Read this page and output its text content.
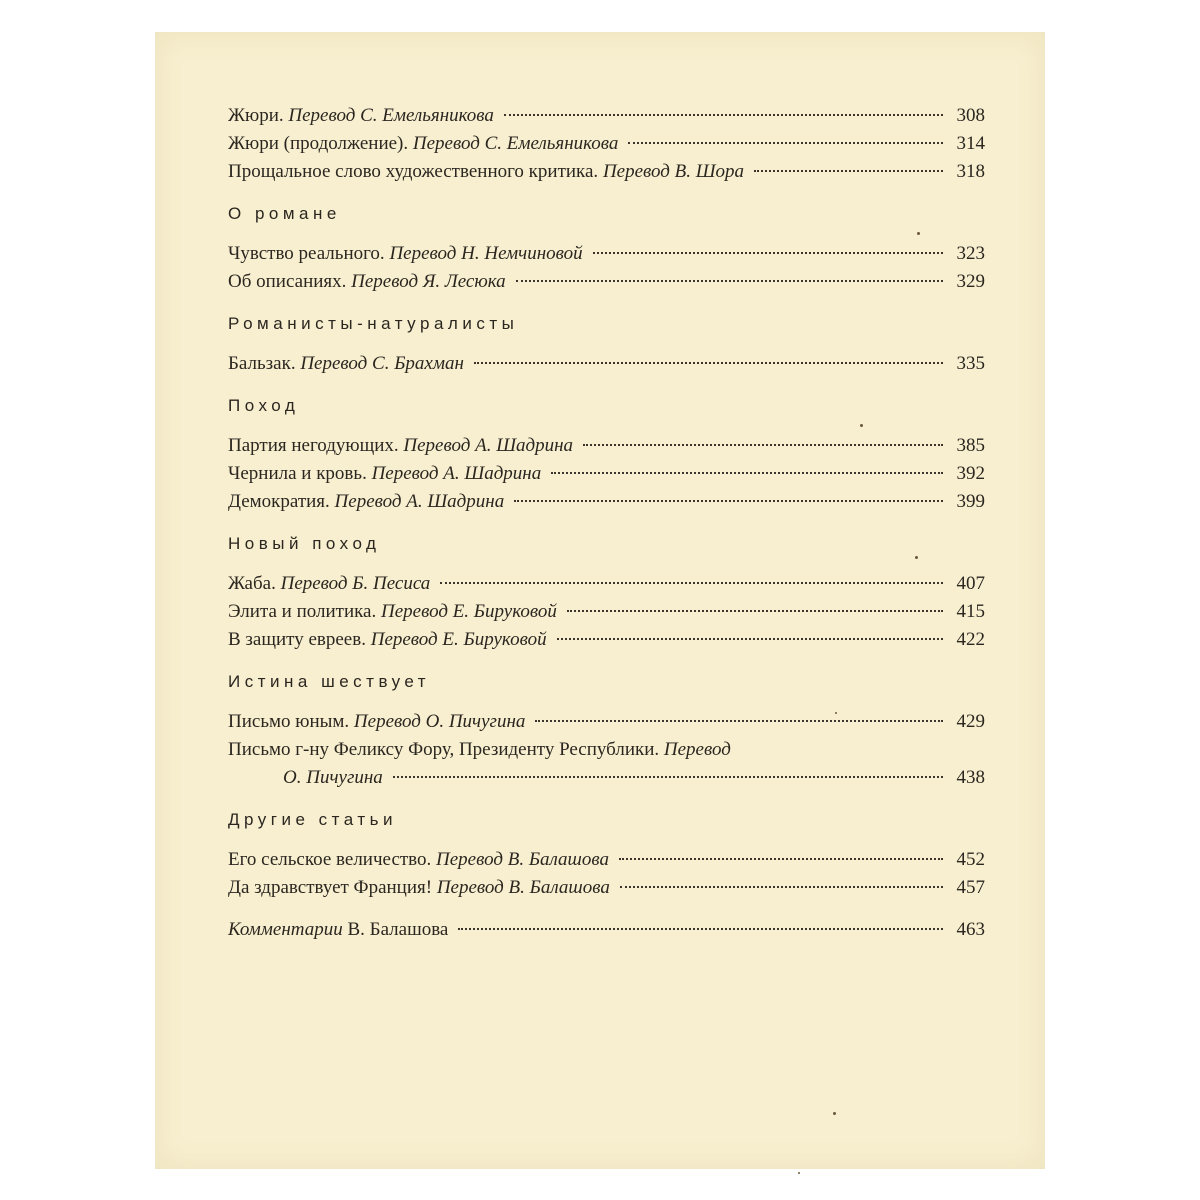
Жюри. Перевод С. Емельяникова	308
Жюри (продолжение). Перевод С. Емельяникова	314
Прощальное слово художественного критика. Перевод В. Шора	318
О романе
Чувство реального. Перевод Н. Немчиновой	323
Об описаниях. Перевод Я. Лесюка	329
Романисты-натуралисты
Бальзак. Перевод С. Брахман	335
Поход
Партия негодующих. Перевод А. Шадрина	385
Чернила и кровь. Перевод А. Шадрина	392
Демократия. Перевод А. Шадрина	399
Новый поход
Жаба. Перевод Б. Песиса	407
Элита и политика. Перевод Е. Бируковой	415
В защиту евреев. Перевод Е. Бируковой	422
Истина шествует
Письмо юным. Перевод О. Пичугина	429
Письмо г-ну Феликсу Фору, Президенту Республики. Перевод
О. Пичугина	438
Другие статьи
Его сельское величество. Перевод В. Балашова	452
Да здравствует Франция! Перевод В. Балашова	457
Комментарии В. Балашова	463
